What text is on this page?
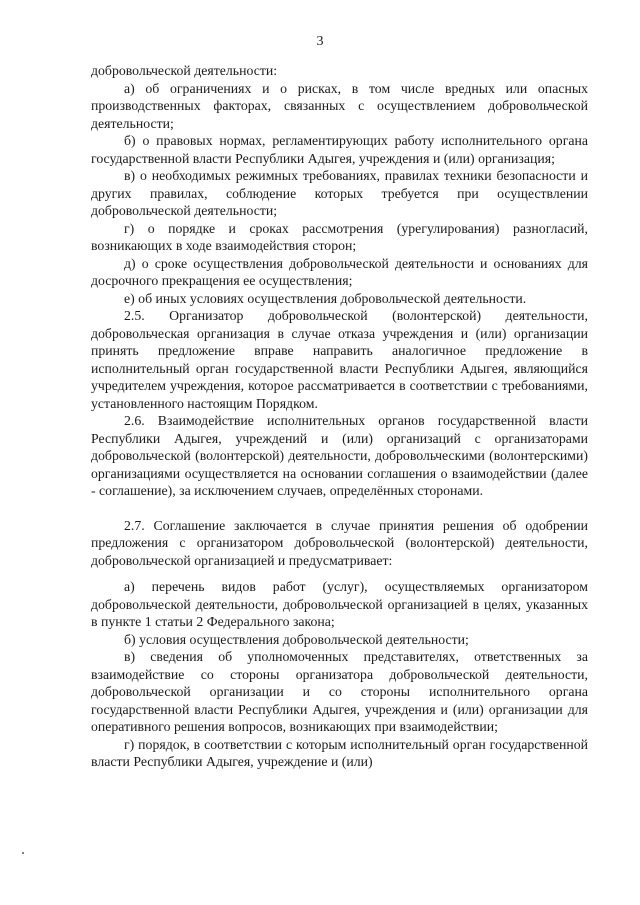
3

добровольческой деятельности:

а) об ограничениях и о рисках, в том числе вредных или опасных производственных факторах, связанных с осуществлением добровольческой деятельности;

б) о правовых нормах, регламентирующих работу исполнительного органа государственной власти Республики Адыгея, учреждения и (или) организация;

в) о необходимых режимных требованиях, правилах техники безопасности и других правилах, соблюдение которых требуется при осуществлении добровольческой деятельности;

г) о порядке и сроках рассмотрения (урегулирования) разногласий, возникающих в ходе взаимодействия сторон;

д) о сроке осуществления добровольческой деятельности и основаниях для досрочного прекращения ее осуществления;

е) об иных условиях осуществления добровольческой деятельности.

2.5. Организатор добровольческой (волонтерской) деятельности, добровольческая организация в случае отказа учреждения и (или) организации принять предложение вправе направить аналогичное предложение в исполнительный орган государственной власти Республики Адыгея, являющийся учредителем учреждения, которое рассматривается в соответствии с требованиями, установленного настоящим Порядком.

2.6. Взаимодействие исполнительных органов государственной власти Республики Адыгея, учреждений и (или) организаций с организаторами добровольческой (волонтерской) деятельности, добровольческими (волонтерскими) организациями осуществляется на основании соглашения о взаимодействии (далее - соглашение), за исключением случаев, определённых сторонами.

2.7. Соглашение заключается в случае принятия решения об одобрении предложения с организатором добровольческой (волонтерской) деятельности, добровольческой организацией и предусматривает:

а) перечень видов работ (услуг), осуществляемых организатором добровольческой деятельности, добровольческой организацией в целях, указанных в пункте 1 статьи 2 Федерального закона;

б) условия осуществления добровольческой деятельности;

в) сведения об уполномоченных представителях, ответственных за взаимодействие со стороны организатора добровольческой деятельности, добровольческой организации и со стороны исполнительного органа государственной власти Республики Адыгея, учреждения и (или) организации для оперативного решения вопросов, возникающих при взаимодействии;

г) порядок, в соответствии с которым исполнительный орган государственной власти Республики Адыгея, учреждение и (или)
